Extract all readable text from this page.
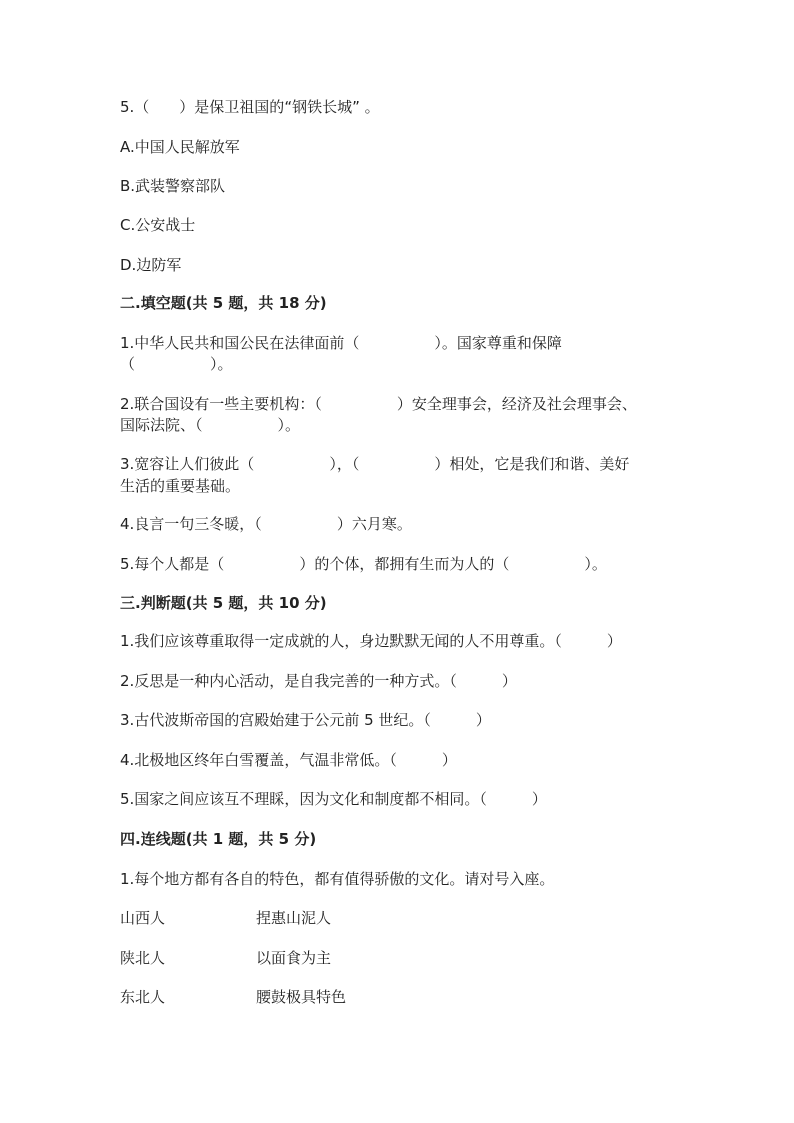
5.（　　）是保卫祖国的“钢铁长城” 。
A.中国人民解放军
B.武装警察部队
C.公安战士
D.边防军
二.填空题(共 5 题，共 18 分)
1.中华人民共和国公民在法律面前（　　　　　）。国家尊重和保障
（　　　　　）。
2.联合国设有一些主要机构：（　　　　　）安全理事会，经济及社会理事会、
国际法院、（　　　　　）。
3.宽容让人们彼此（　　　　　），（　　　　　）相处，它是我们和谐、美好
生活的重要基础。
4.良言一句三冬暖，（　　　　　）六月寒。
5.每个人都是（　　　　　）的个体，都拥有生而为人的（　　　　　）。
三.判断题(共 5 题，共 10 分)
1.我们应该尊重取得一定成就的人，身边默默无闻的人不用尊重。（　　　）
2.反思是一种内心活动，是自我完善的一种方式。（　　　）
3.古代波斯帝国的宫殿始建于公元前 5 世纪。（　　　）
4.北极地区终年白雪覆盖，气温非常低。（　　　）
5.国家之间应该互不理睬，因为文化和制度都不相同。（　　　）
四.连线题(共 1 题，共 5 分)
1.每个地方都有各自的特色，都有值得骄傲的文化。请对号入座。
山西人	捏惠山泥人
陕北人	以面食为主
东北人	腰鼓极具特色
